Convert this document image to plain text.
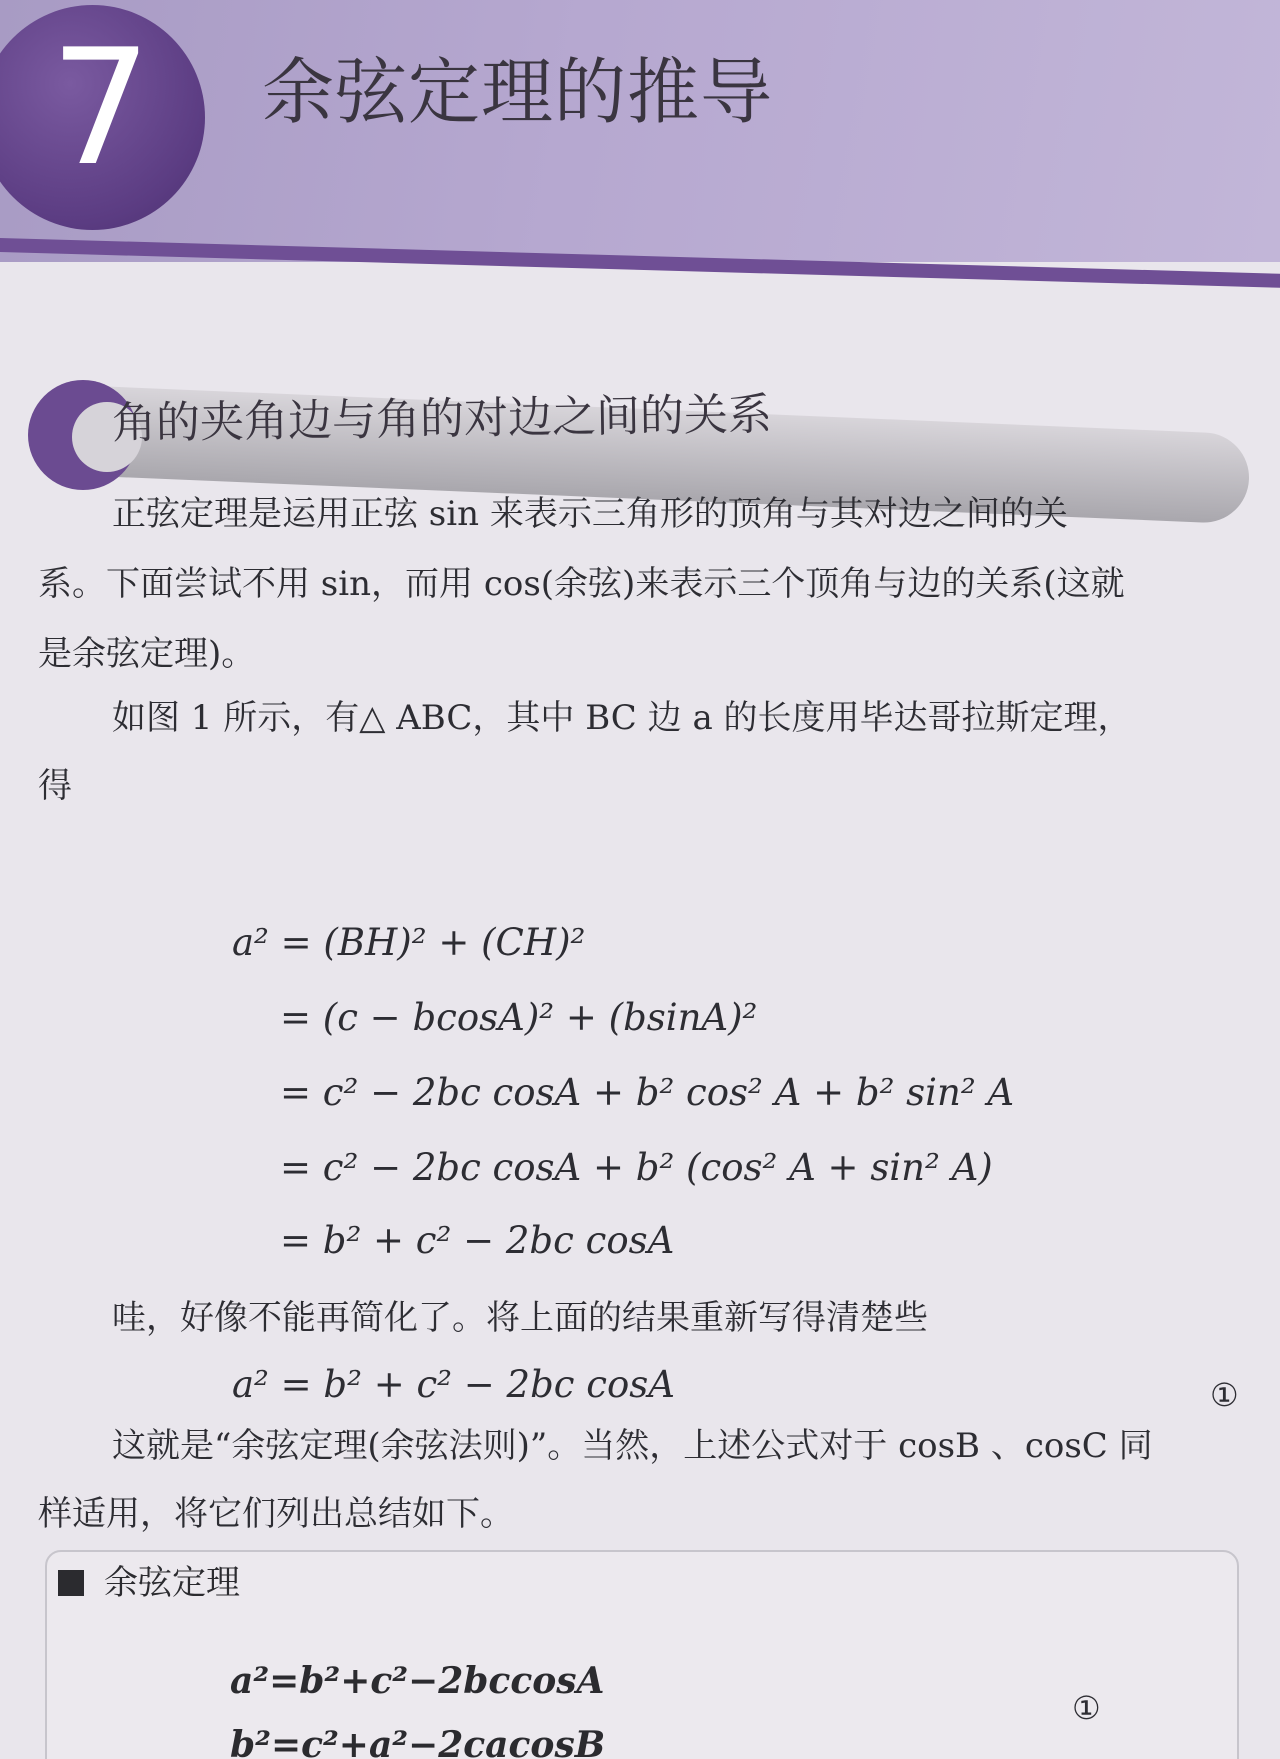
7 余弦定理的推导
角的夹角边与角的对边之间的关系
正弦定理是运用正弦 sin 来表示三角形的顶角与其对边之间的关
系。下面尝试不用 sin，而用 cos(余弦)来表示三个顶角与边的关系(这就
是余弦定理)。
如图 1 所示，有△ ABC，其中 BC 边 a 的长度用毕达哥拉斯定理，
得
a² = (BH)² + (CH)²
= (c − bcosA)² + (bsinA)²
= c² − 2bc cosA + b² cos² A + b² sin² A
= c² − 2bc cosA + b² (cos² A + sin² A)
= b² + c² − 2bc cosA
哇，好像不能再简化了。将上面的结果重新写得清楚些
a² = b² + c² − 2bc cosA	①
这就是“余弦定理(余弦法则)”。当然，上述公式对于 cosB 、cosC 同
样适用，将它们列出总结如下。
余弦定理
a²=b²+c²−2bccosA
①
b²=c²+a²−2cacosB
